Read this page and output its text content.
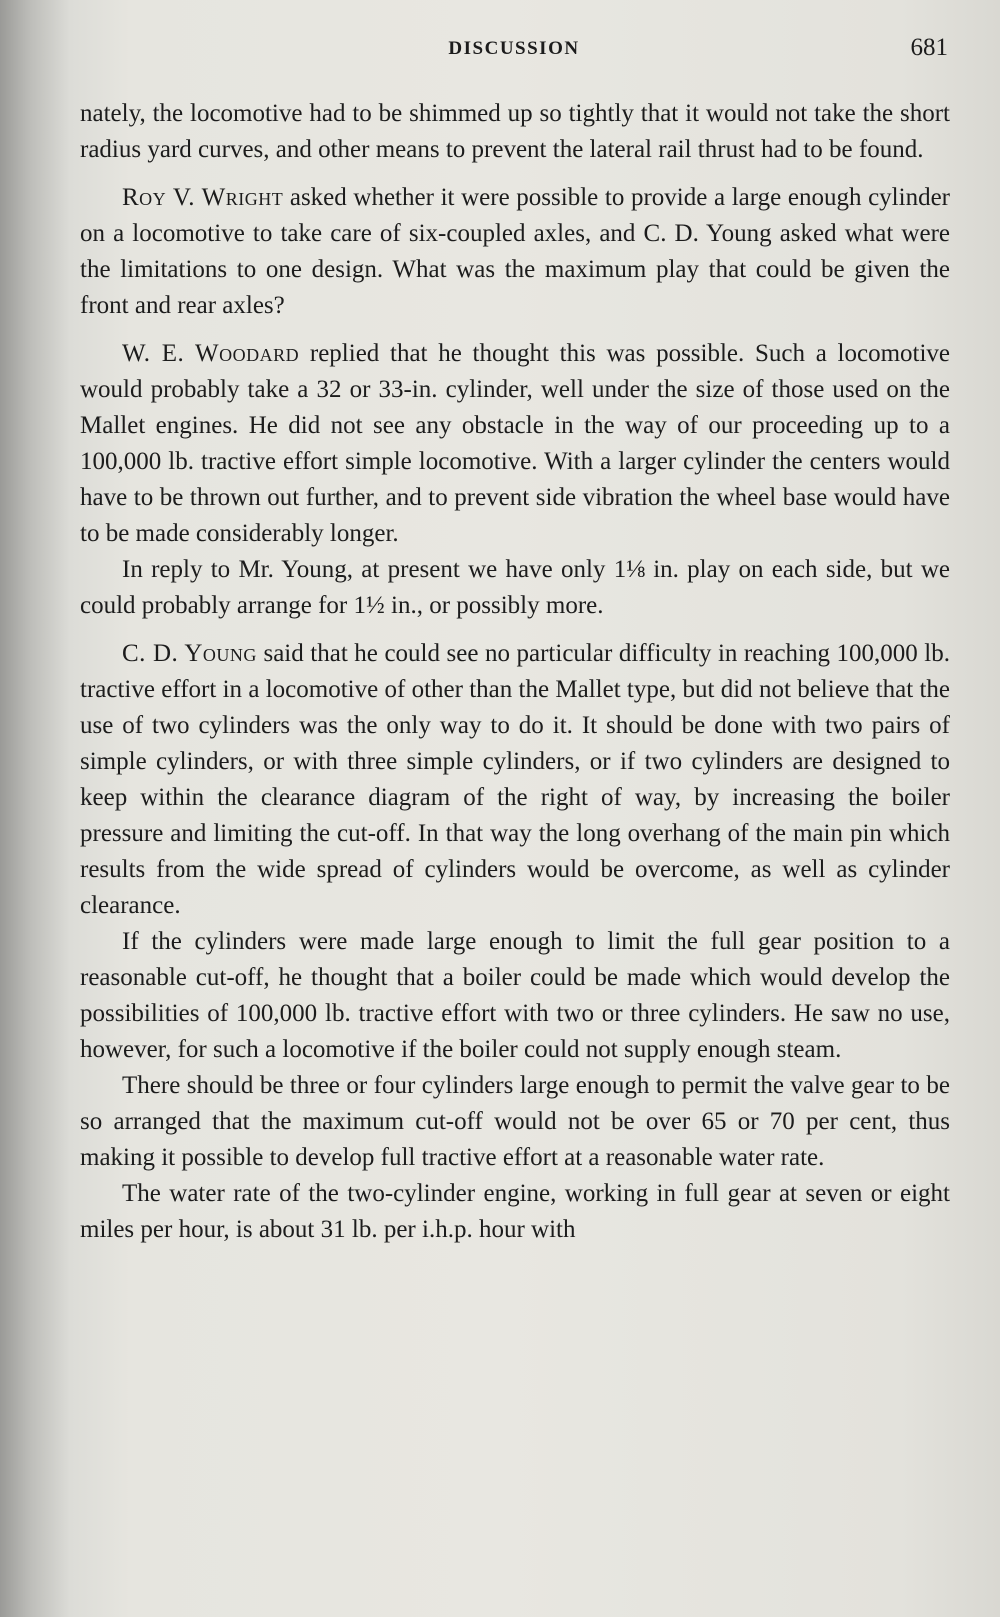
DISCUSSION	681

nately, the locomotive had to be shimmed up so tightly that it would not take the short radius yard curves, and other means to prevent the lateral rail thrust had to be found.

Roy V. Wright asked whether it were possible to provide a large enough cylinder on a locomotive to take care of six-coupled axles, and C. D. Young asked what were the limitations to one design. What was the maximum play that could be given the front and rear axles?

W. E. Woodard replied that he thought this was possible. Such a locomotive would probably take a 32 or 33-in. cylinder, well under the size of those used on the Mallet engines. He did not see any obstacle in the way of our proceeding up to a 100,000 lb. tractive effort simple locomotive. With a larger cylinder the centers would have to be thrown out further, and to prevent side vibration the wheel base would have to be made considerably longer.

In reply to Mr. Young, at present we have only 1⅛ in. play on each side, but we could probably arrange for 1½ in., or possibly more.

C. D. Young said that he could see no particular difficulty in reaching 100,000 lb. tractive effort in a locomotive of other than the Mallet type, but did not believe that the use of two cylinders was the only way to do it. It should be done with two pairs of simple cylinders, or with three simple cylinders, or if two cylinders are designed to keep within the clearance diagram of the right of way, by increasing the boiler pressure and limiting the cut-off. In that way the long overhang of the main pin which results from the wide spread of cylinders would be overcome, as well as cylinder clearance.

If the cylinders were made large enough to limit the full gear position to a reasonable cut-off, he thought that a boiler could be made which would develop the possibilities of 100,000 lb. tractive effort with two or three cylinders. He saw no use, however, for such a locomotive if the boiler could not supply enough steam.

There should be three or four cylinders large enough to permit the valve gear to be so arranged that the maximum cut-off would not be over 65 or 70 per cent, thus making it possible to develop full tractive effort at a reasonable water rate.

The water rate of the two-cylinder engine, working in full gear at seven or eight miles per hour, is about 31 lb. per i.h.p. hour with
